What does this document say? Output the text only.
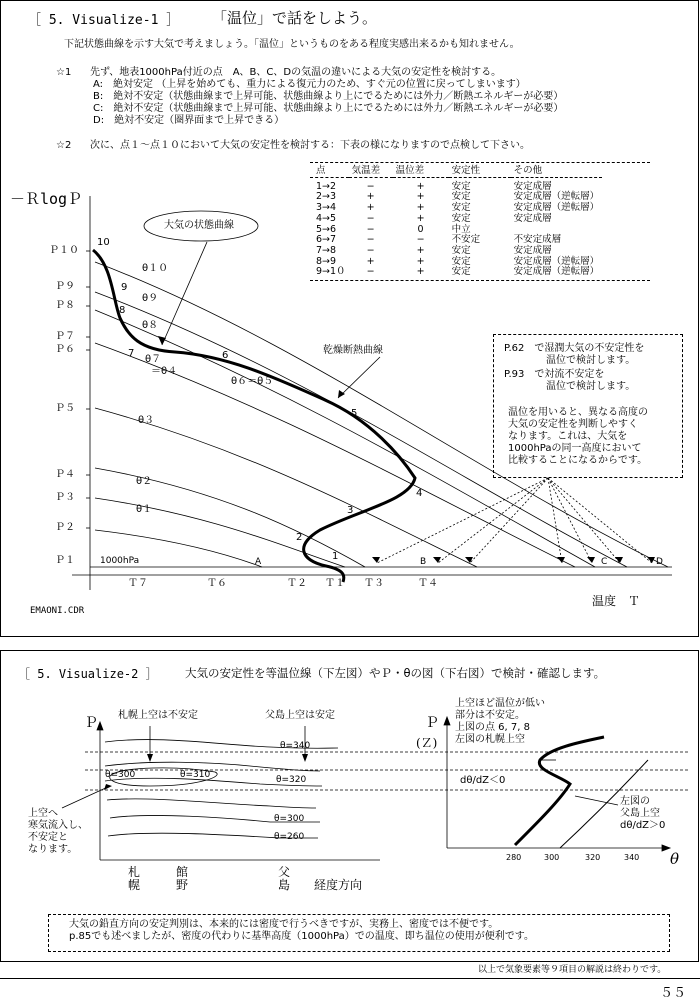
［ 5. Visualize-1 ］ 「温位」で話をしよう。
下記状態曲線を示す大気で考えましょう。「温位」というものをある程度実感出来るかも知れません。
☆1 先ず、地表1000hPa付近の点　A、B、C、Dの気温の違いによる大気の安定性を検討する。
A:　絶対安定 （上昇を始めても、重力による復元力のため、すぐ元の位置に戻ってしまいます）
B:　絶対不安定（状態曲線まで上昇可能、状態曲線より上にでるためには外力／断熱エネルギーが必要）
C:　絶対不安定（状態曲線まで上昇可能、状態曲線より上にでるためには外力／断熱エネルギーが必要）
D:　絶対不安定（圏界面まで上昇できる）
☆2 次に、点１～点１０において大気の安定性を検討する：下表の様になりますので点検して下さい。
点	気温差	温位差	安定性	その他

1→2	−	+	安定	安定成層
2→3	+	+	安定	安定成層（逆転層）
3→4	+	+	安定	安定成層（逆転層）
4→5	−	+	安定	安定成層
5→6	−	0	中立	
6→7	−	−	不安定	不安定成層
7→8	−	+	安定	安定成層
8→9	+	+	安定	安定成層（逆転層）
9→1０	−	+	安定	安定成層（逆転層）
P.62　で湿潤大気の不安定性を
温位で検討します。
P.93　で対流不安定を
温位で検討します。
温位を用いると、異なる高度の
大気の安定性を判断しやすく
なります。これは、大気を
1000hPaの同一高度において
比較することになるからです。
－ＲlogＰ
温度　Ｔ
Ｐ１０
Ｐ９
Ｐ８
Ｐ７
Ｐ６
Ｐ５
Ｐ４
Ｐ３
Ｐ２
Ｐ１	1000hPa
Ｔ７	Ｔ６	Ｔ２ Ｔ１ Ｔ３	Ｔ４
1
2
3
4
5
6
7
8
9
10
θ１０
θ９
θ８
θ７
＝θ４
θ６＝θ５
θ３
θ２
θ１
A	B	C	D
大気の状態曲線
乾燥断熱曲線
EMAONI.CDR
［ 5. Visualize-2 ］ 大気の安定性を等温位線（下左図）やＰ・θの図（下右図）で検討・確認します。
Ｐ 札幌上空は不安定	父島上空は安定
θ=340
θ=300	θ=310	θ=320
θ=300
θ=260
上空へ
寒気流入し、
不安定と
なります。
札　幌
館　野
父　島 経度方向
Ｐ
(Ｚ)
上空ほど温位が低い
部分は不安定。
上図の点 6, 7, 8
左図の札幌上空
dθ/dZ＜0
左図の
父島上空
dθ/dZ＞0
280	300	320	340 θ
大気の鉛直方向の安定判別は、本来的には密度で行うべきですが、実務上、密度では不便です。
p.85でも述べましたが、密度の代わりに基準高度（1000hPa）での温度、即ち温位の使用が便利です。
以上で気象要素等９項目の解説は終わりです。
５５
